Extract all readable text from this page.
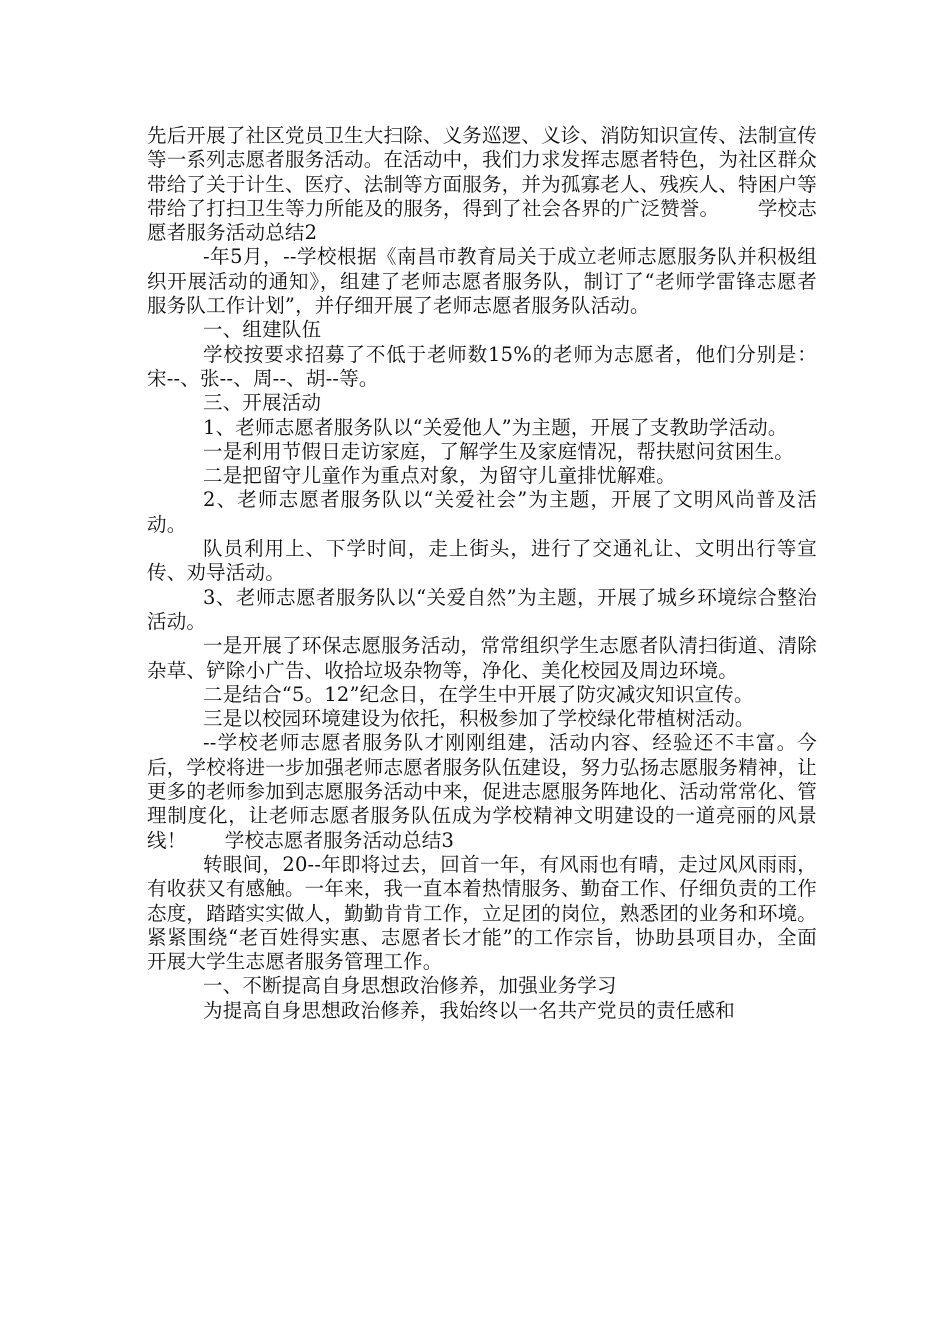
先后开展了社区党员卫生大扫除、义务巡逻、义诊、消防知识宣传、法制宣传等一系列志愿者服务活动。在活动中，我们力求发挥志愿者特色，为社区群众带给了关于计生、医疗、法制等方面服务，并为孤寡老人、残疾人、特困户等带给了打扫卫生等力所能及的服务，得到了社会各界的广泛赞誉。      学校志愿者服务活动总结2

-年5月，--学校根据《南昌市教育局关于成立老师志愿服务队并积极组织开展活动的通知》，组建了老师志愿者服务队，制订了“老师学雷锋志愿者服务队工作计划”，并仔细开展了老师志愿者服务队活动。

一、组建队伍

学校按要求招募了不低于老师数15%的老师为志愿者，他们分别是：宋--、张--、周--、胡--等。

三、开展活动

1、老师志愿者服务队以“关爱他人”为主题，开展了支教助学活动。

一是利用节假日走访家庭，了解学生及家庭情况，帮扶慰问贫困生。

二是把留守儿童作为重点对象，为留守儿童排忧解难。

2、老师志愿者服务队以“关爱社会”为主题，开展了文明风尚普及活动。

队员利用上、下学时间，走上街头，进行了交通礼让、文明出行等宣传、劝导活动。

3、老师志愿者服务队以“关爱自然”为主题，开展了城乡环境综合整治活动。

一是开展了环保志愿服务活动，常常组织学生志愿者队清扫街道、清除杂草、铲除小广告、收拾垃圾杂物等，净化、美化校园及周边环境。

二是结合“5。12”纪念日，在学生中开展了防灾减灾知识宣传。

三是以校园环境建设为依托，积极参加了学校绿化带植树活动。

--学校老师志愿者服务队才刚刚组建，活动内容、经验还不丰富。今后，学校将进一步加强老师志愿者服务队伍建设，努力弘扬志愿服务精神，让更多的老师参加到志愿服务活动中来，促进志愿服务阵地化、活动常常化、管理制度化，让老师志愿者服务队伍成为学校精神文明建设的一道亮丽的风景线！      学校志愿者服务活动总结3

转眼间，20--年即将过去，回首一年，有风雨也有晴，走过风风雨雨，有收获又有感触。一年来，我一直本着热情服务、勤奋工作、仔细负责的工作态度，踏踏实实做人，勤勤肯肯工作，立足团的岗位，熟悉团的业务和环境。紧紧围绕“老百姓得实惠、志愿者长才能”的工作宗旨，协助县项目办，全面开展大学生志愿者服务管理工作。

一、不断提高自身思想政治修养，加强业务学习

为提高自身思想政治修养，我始终以一名共产党员的责任感和
